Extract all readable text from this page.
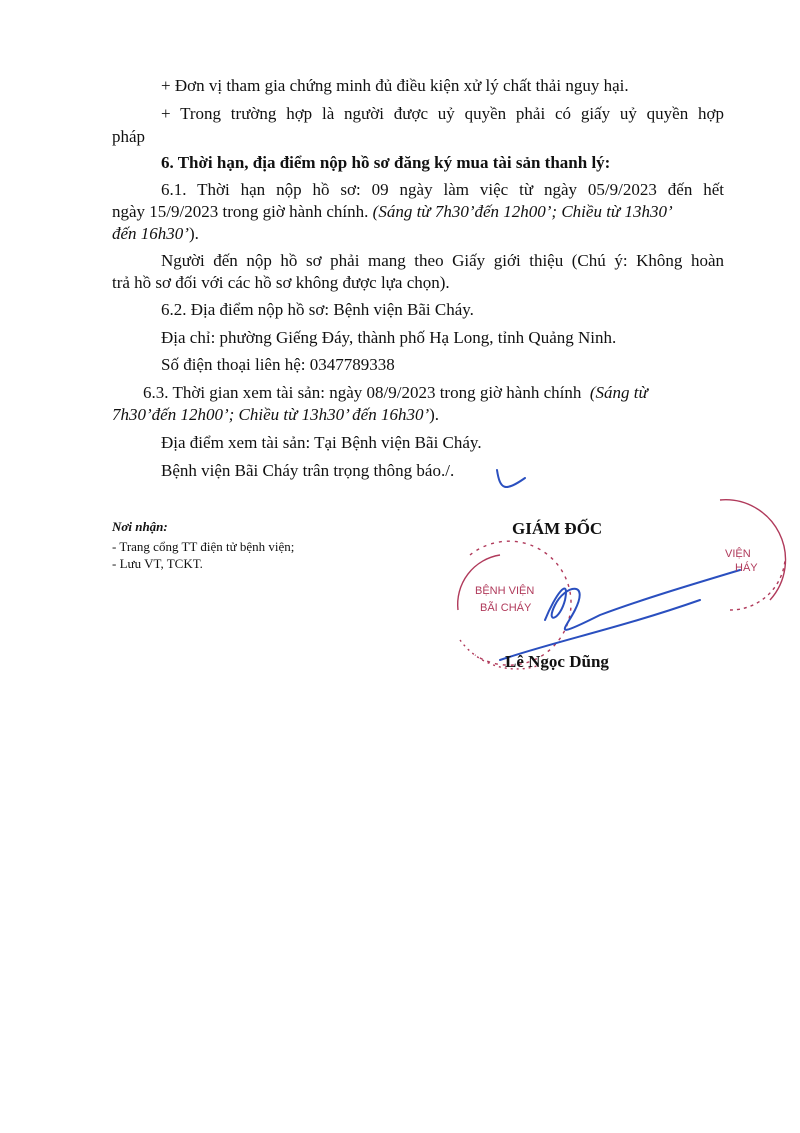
+ Đơn vị tham gia chứng minh đủ điều kiện xử lý chất thải nguy hại.
+ Trong trường hợp là người được uỷ quyền phải có giấy uỷ quyền hợp
pháp
6. Thời hạn, địa điểm nộp hồ sơ đăng ký mua tài sản thanh lý:
6.1. Thời hạn nộp hồ sơ: 09 ngày làm việc từ ngày 05/9/2023 đến hết
ngày 15/9/2023 trong giờ hành chính. (Sáng từ 7h30’đến 12h00’; Chiều từ 13h30’
đến 16h30’).
Người đến nộp hồ sơ phải mang theo Giấy giới thiệu (Chú ý: Không hoàn
trả hồ sơ đối với các hồ sơ không được lựa chọn).
6.2. Địa điểm nộp hồ sơ: Bệnh viện Bãi Cháy.
Địa chỉ: phường Giếng Đáy, thành phố Hạ Long, tỉnh Quảng Ninh.
Số điện thoại liên hệ: 0347789338
6.3. Thời gian xem tài sản: ngày 08/9/2023 trong giờ hành chính (Sáng từ
7h30’đến 12h00’; Chiều từ 13h30’ đến 16h30’).
Địa điểm xem tài sản: Tại Bệnh viện Bãi Cháy.
Bệnh viện Bãi Cháy trân trọng thông báo./.
Nơi nhận:
- Trang cổng TT điện tử bệnh viện;
- Lưu VT, TCKT.
BỆNH VIỆN
BÃI CHÁY
VIỆN
HÁY
GIÁM ĐỐC
Lê Ngọc Dũng
